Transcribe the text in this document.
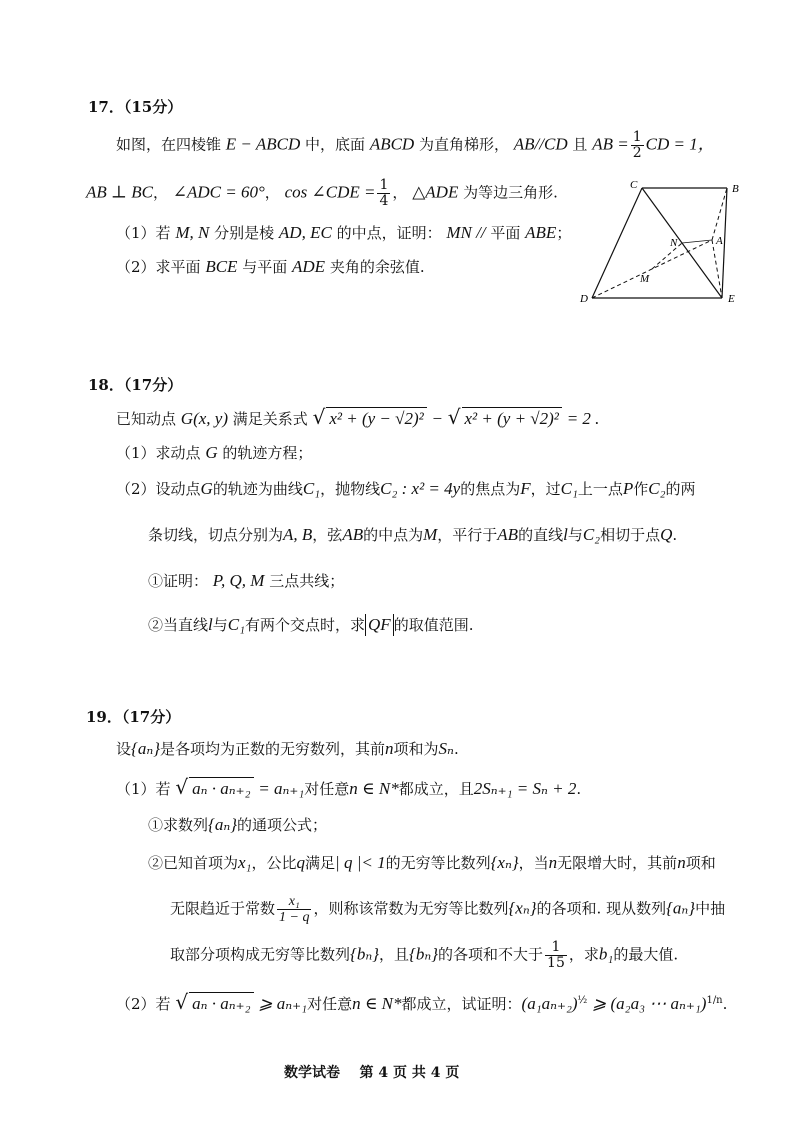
17．（15分）
如图，在四棱锥 E − ABCD 中，底面 ABCD 为直角梯形， AB//CD 且 AB = $\frac{1}{2}$ CD = 1，
AB ⊥ BC， ∠ADC = 60°， cos ∠CDE = $\frac{1}{4}$ ， △ADE 为等边三角形.
（1）若 M, N 分别是棱 AD, EC 的中点，证明： MN // 平面 ABE；
（2）求平面 BCE 与平面 ADE 夹角的余弦值.
C	B
N	A
M
D	E
18．（17分）
已知动点 G(x, y) 满足关系式 √ x² + (y − √2)² − √ x² + (y + √2)² = 2 .
（1）求动点 G 的轨迹方程；
（2）设动点G的轨迹为曲线C₁，抛物线C₂ : x² = 4y的焦点为F，过C₁上一点P作C₂的两
条切线，切点分别为A, B，弦AB的中点为M，平行于AB的直线l与C₂相切于点Q.
①证明： P, Q, M 三点共线；
②当直线l与C₁有两个交点时，求 QF 的取值范围.
19．（17分）
设{aₙ}是各项均为正数的无穷数列，其前n项和为Sₙ.
（1）若 √ aₙ · aₙ₊₂ = aₙ₊₁对任意n ∈ N*都成立，且2Sₙ₊₁ = Sₙ + 2.
①求数列{aₙ}的通项公式；
②已知首项为x₁，公比q满足| q |< 1的无穷等比数列{xₙ}，当n无限增大时，其前n项和
无限趋近于常数 $\frac{\text{x₁}}{1 - q}$ ，则称该常数为无穷等比数列{xₙ}的各项和. 现从数列{aₙ}中抽
取部分项构成无穷等比数列{bₙ}，且{bₙ}的各项和不大于 $\frac{1}{15}$ ，求b₁的最大值.
（2）若 √ aₙ · aₙ₊₂ ⩾ aₙ₊₁对任意n ∈ N*都成立，试证明：$(a_1a_{n+2})^{\frac{1}{2}}$ ⩾ (a₂a₃ ⋯ aₙ₊₁)$^{1/n}$.
数学试卷 第 4 页 共 4 页
